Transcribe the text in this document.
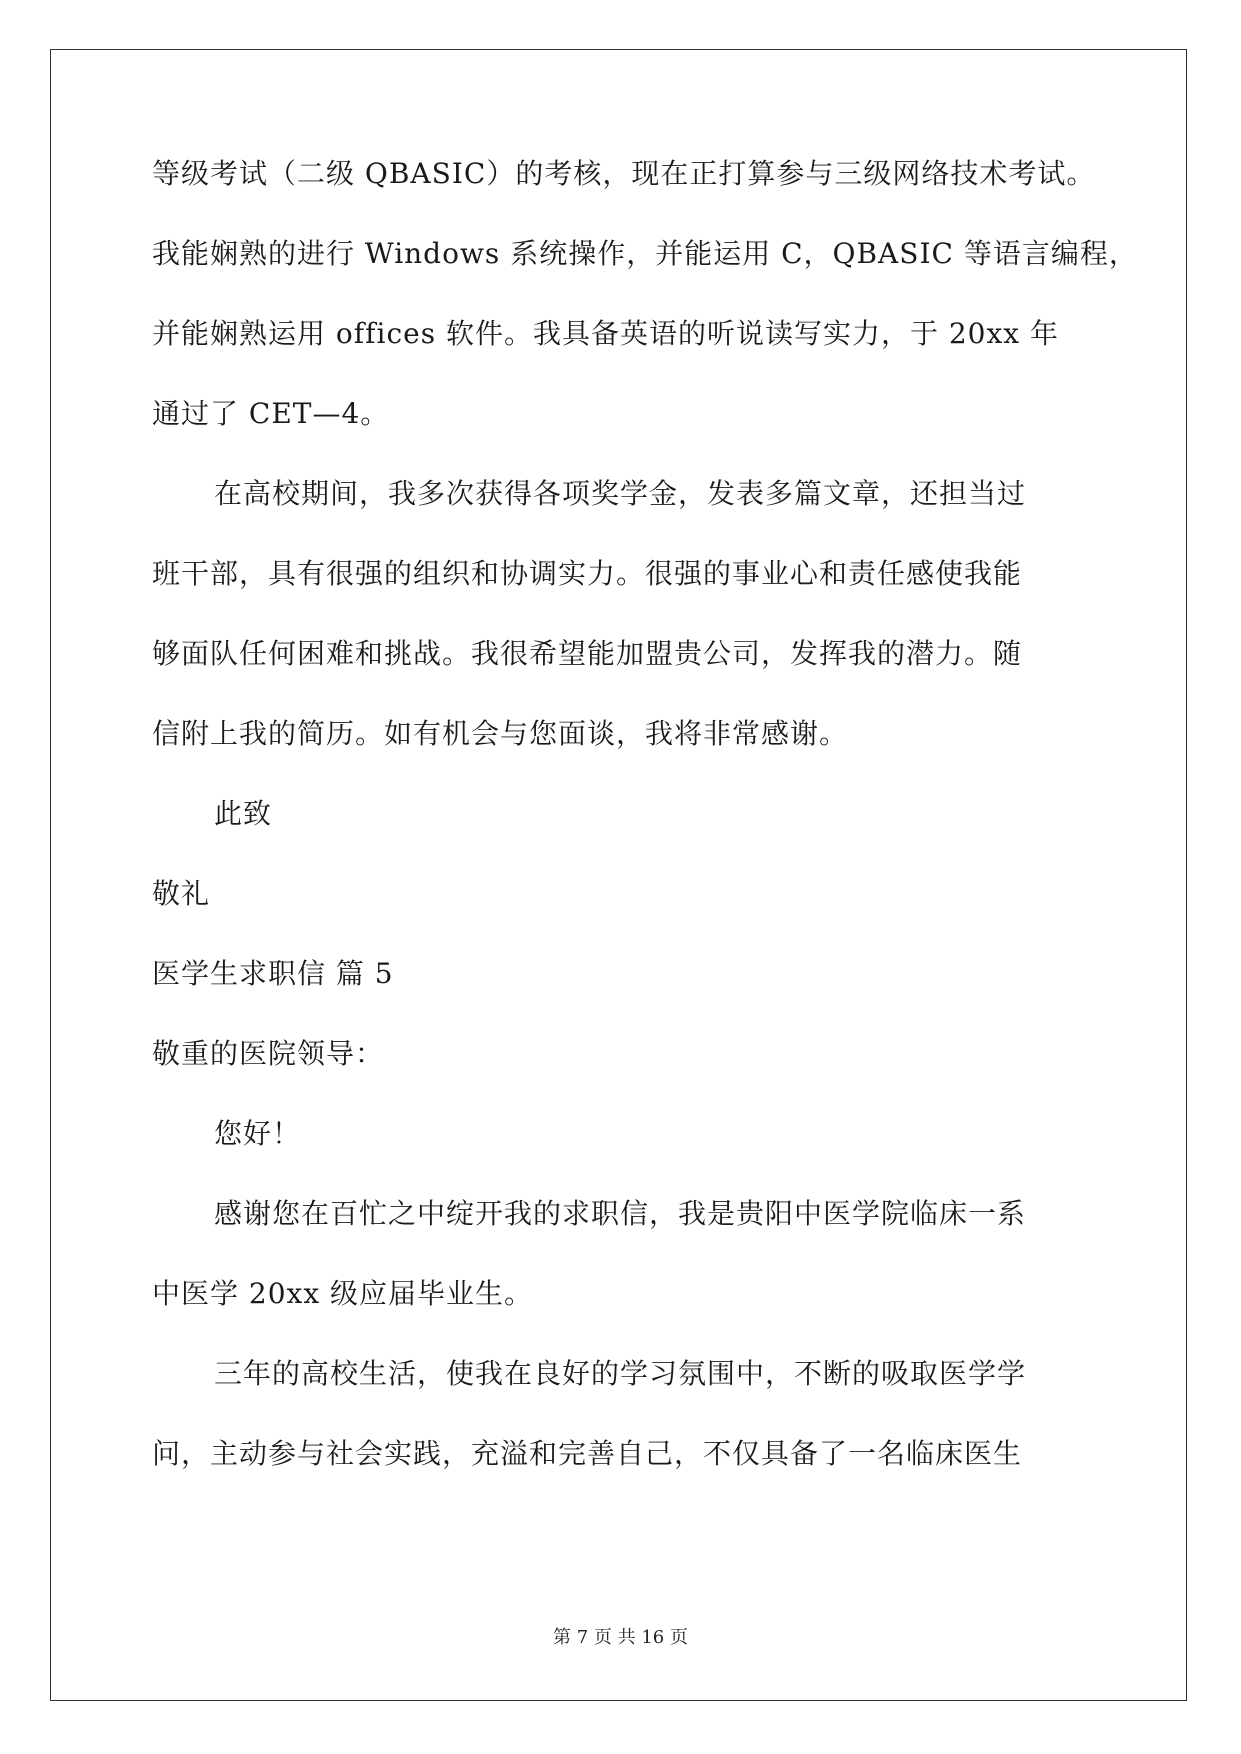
等级考试（二级 QBASIC）的考核，现在正打算参与三级网络技术考试。
我能娴熟的进行 Windows 系统操作，并能运用 C，QBASIC 等语言编程，
并能娴熟运用 offices 软件。我具备英语的听说读写实力，于 20xx 年
通过了 CET—4。
在高校期间，我多次获得各项奖学金，发表多篇文章，还担当过
班干部，具有很强的组织和协调实力。很强的事业心和责任感使我能
够面队任何困难和挑战。我很希望能加盟贵公司，发挥我的潜力。随
信附上我的简历。如有机会与您面谈，我将非常感谢。
此致
敬礼
医学生求职信 篇 5
敬重的医院领导：
您好！
感谢您在百忙之中绽开我的求职信，我是贵阳中医学院临床一系
中医学 20xx 级应届毕业生。
三年的高校生活，使我在良好的学习氛围中，不断的吸取医学学
问，主动参与社会实践，充溢和完善自己，不仅具备了一名临床医生
第 7 页 共 16 页
